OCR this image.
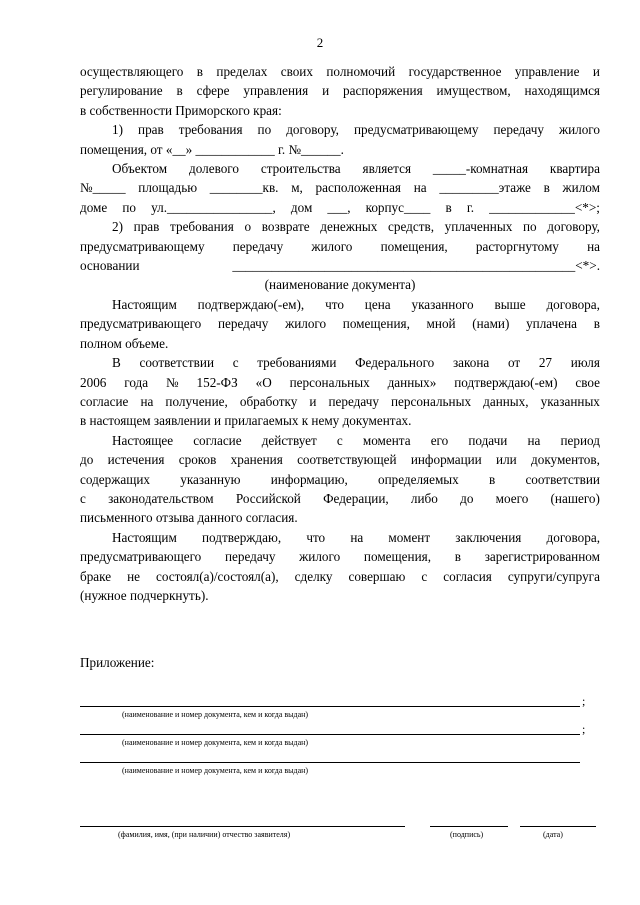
2
осуществляющего в пределах своих полномочий государственное управление и
регулирование в сфере управления и распоряжения имуществом, находящимся
в собственности Приморского края:
1) прав требования по договору, предусматривающему передачу жилого
помещения, от «__» ____________ г. №______.
Объектом долевого строительства является _____-комнатная квартира
№_____ площадью ________кв. м, расположенная на _________этаже в жилом
доме по ул.________________, дом ___, корпус____ в г. _____________<*>;
2) прав требования о возврате денежных средств, уплаченных по договору,
предусматривающему передачу жилого помещения, расторгнутому на
основании	____________________________________________________<*>.
(наименование документа)
Настоящим подтверждаю(-ем), что цена указанного выше договора,
предусматривающего передачу жилого помещения, мной (нами) уплачена в
полном объеме.
В соответствии с требованиями Федерального закона от 27 июля
2006 года № 152-ФЗ «О персональных данных» подтверждаю(-ем) свое
согласие на получение, обработку и передачу персональных данных, указанных
в настоящем заявлении и прилагаемых к нему документах.
Настоящее согласие действует с момента его подачи на период
до истечения сроков хранения соответствующей информации или документов,
содержащих указанную информацию, определяемых в соответствии
с законодательством Российской Федерации, либо до моего (нашего)
письменного отзыва данного согласия.
Настоящим подтверждаю, что на момент заключения договора,
предусматривающего передачу жилого помещения, в зарегистрированном
браке не состоял(а)/состоял(а), сделку совершаю с согласия супруги/супруга
(нужное подчеркнуть).
Приложение:
;
(наименование и номер документа, кем и когда выдан)
;
(наименование и номер документа, кем и когда выдан)
(наименование и номер документа, кем и когда выдан)
(фамилия, имя, (при наличии) отчество заявителя)	(подпись)	(дата)
